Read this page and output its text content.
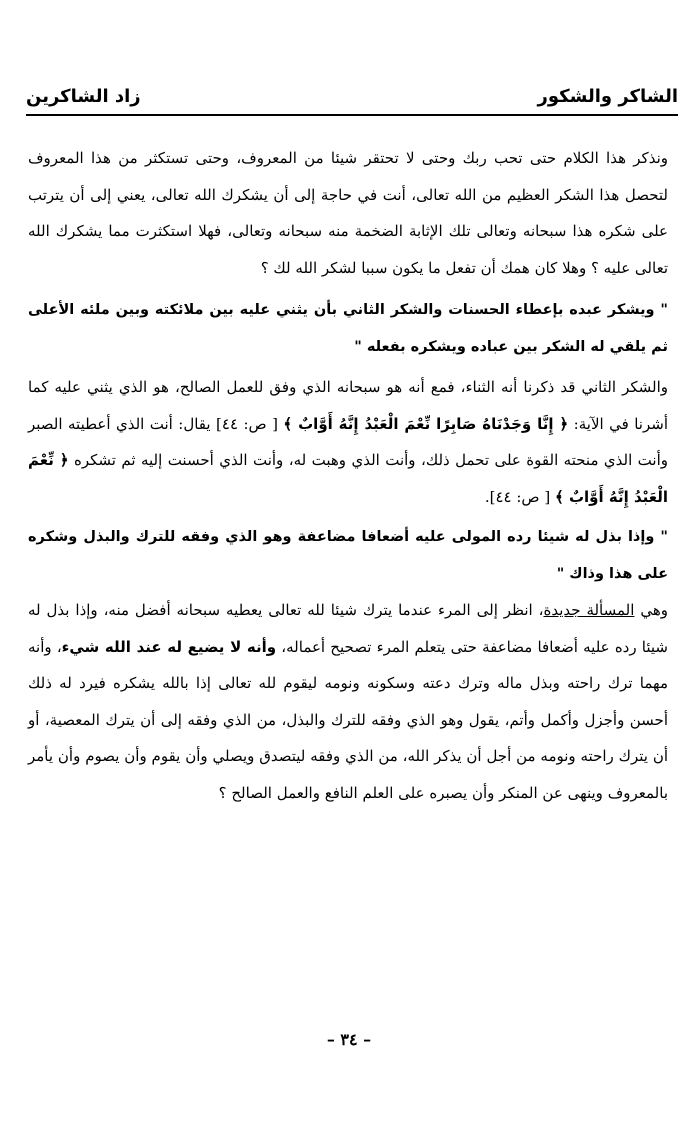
الشاكر والشكور
زاد الشاكرين

ونذكر هذا الكلام حتى تحب ربك وحتى لا تحتقر شيئا من المعروف، وحتى تستكثر من هذا المعروف لتحصل هذا الشكر العظيم من الله تعالى، أنت في حاجة إلى أن يشكرك الله تعالى، يعني إلى أن يترتب على شكره هذا سبحانه وتعالى تلك الإثابة الضخمة منه سبحانه وتعالى، فهلا استكثرت مما يشكرك الله تعالى عليه ؟ وهلا كان همك أن تفعل ما يكون سببا لشكر الله لك ؟

" ويشكر عبده بإعطاء الحسنات والشكر الثاني بأن يثني عليه بين ملائكته وبين ملئه الأعلى ثم يلقي له الشكر بين عباده ويشكره بفعله "

والشكر الثاني قد ذكرنا أنه الثناء، فمع أنه هو سبحانه الذي وفق للعمل الصالح، هو الذي يثني عليه كما أشرنا في الآية: ﴿ إِنَّا وَجَدْنَاهُ صَابِرًا نِّعْمَ الْعَبْدُ إِنَّهُ أَوَّابٌ ﴾ [ ص: ٤٤] يقال: أنت الذي أعطيته الصبر وأنت الذي منحته القوة على تحمل ذلك، وأنت الذي وهبت له، وأنت الذي أحسنت إليه ثم تشكره ﴿ نِّعْمَ الْعَبْدُ إِنَّهُ أَوَّابٌ ﴾ [ ص: ٤٤].

" وإذا بذل له شيئا رده المولى عليه أضعافا مضاعفة وهو الذي وفقه للترك والبذل وشكره على هذا وذاك "

وهي المسألة جديدة، انظر إلى المرء عندما يترك شيئا لله تعالى يعطيه سبحانه أفضل منه، وإذا بذل له شيئا رده عليه أضعافا مضاعفة حتى يتعلم المرء تصحيح أعماله، وأنه لا يضيع له عند الله شيء، وأنه مهما ترك راحته وبذل ماله وترك دعته وسكونه ونومه ليقوم لله تعالى إذا بالله يشكره فيرد له ذلك أحسن وأجزل وأكمل وأتم، يقول وهو الذي وفقه للترك والبذل، من الذي وفقه إلى أن يترك المعصية، أو أن يترك راحته ونومه من أجل أن يذكر الله، من الذي وفقه ليتصدق ويصلي وأن يقوم وأن يصوم وأن يأمر بالمعروف وينهى عن المنكر وأن يصبره على العلم النافع والعمل الصالح ؟

– ٣٤ –
